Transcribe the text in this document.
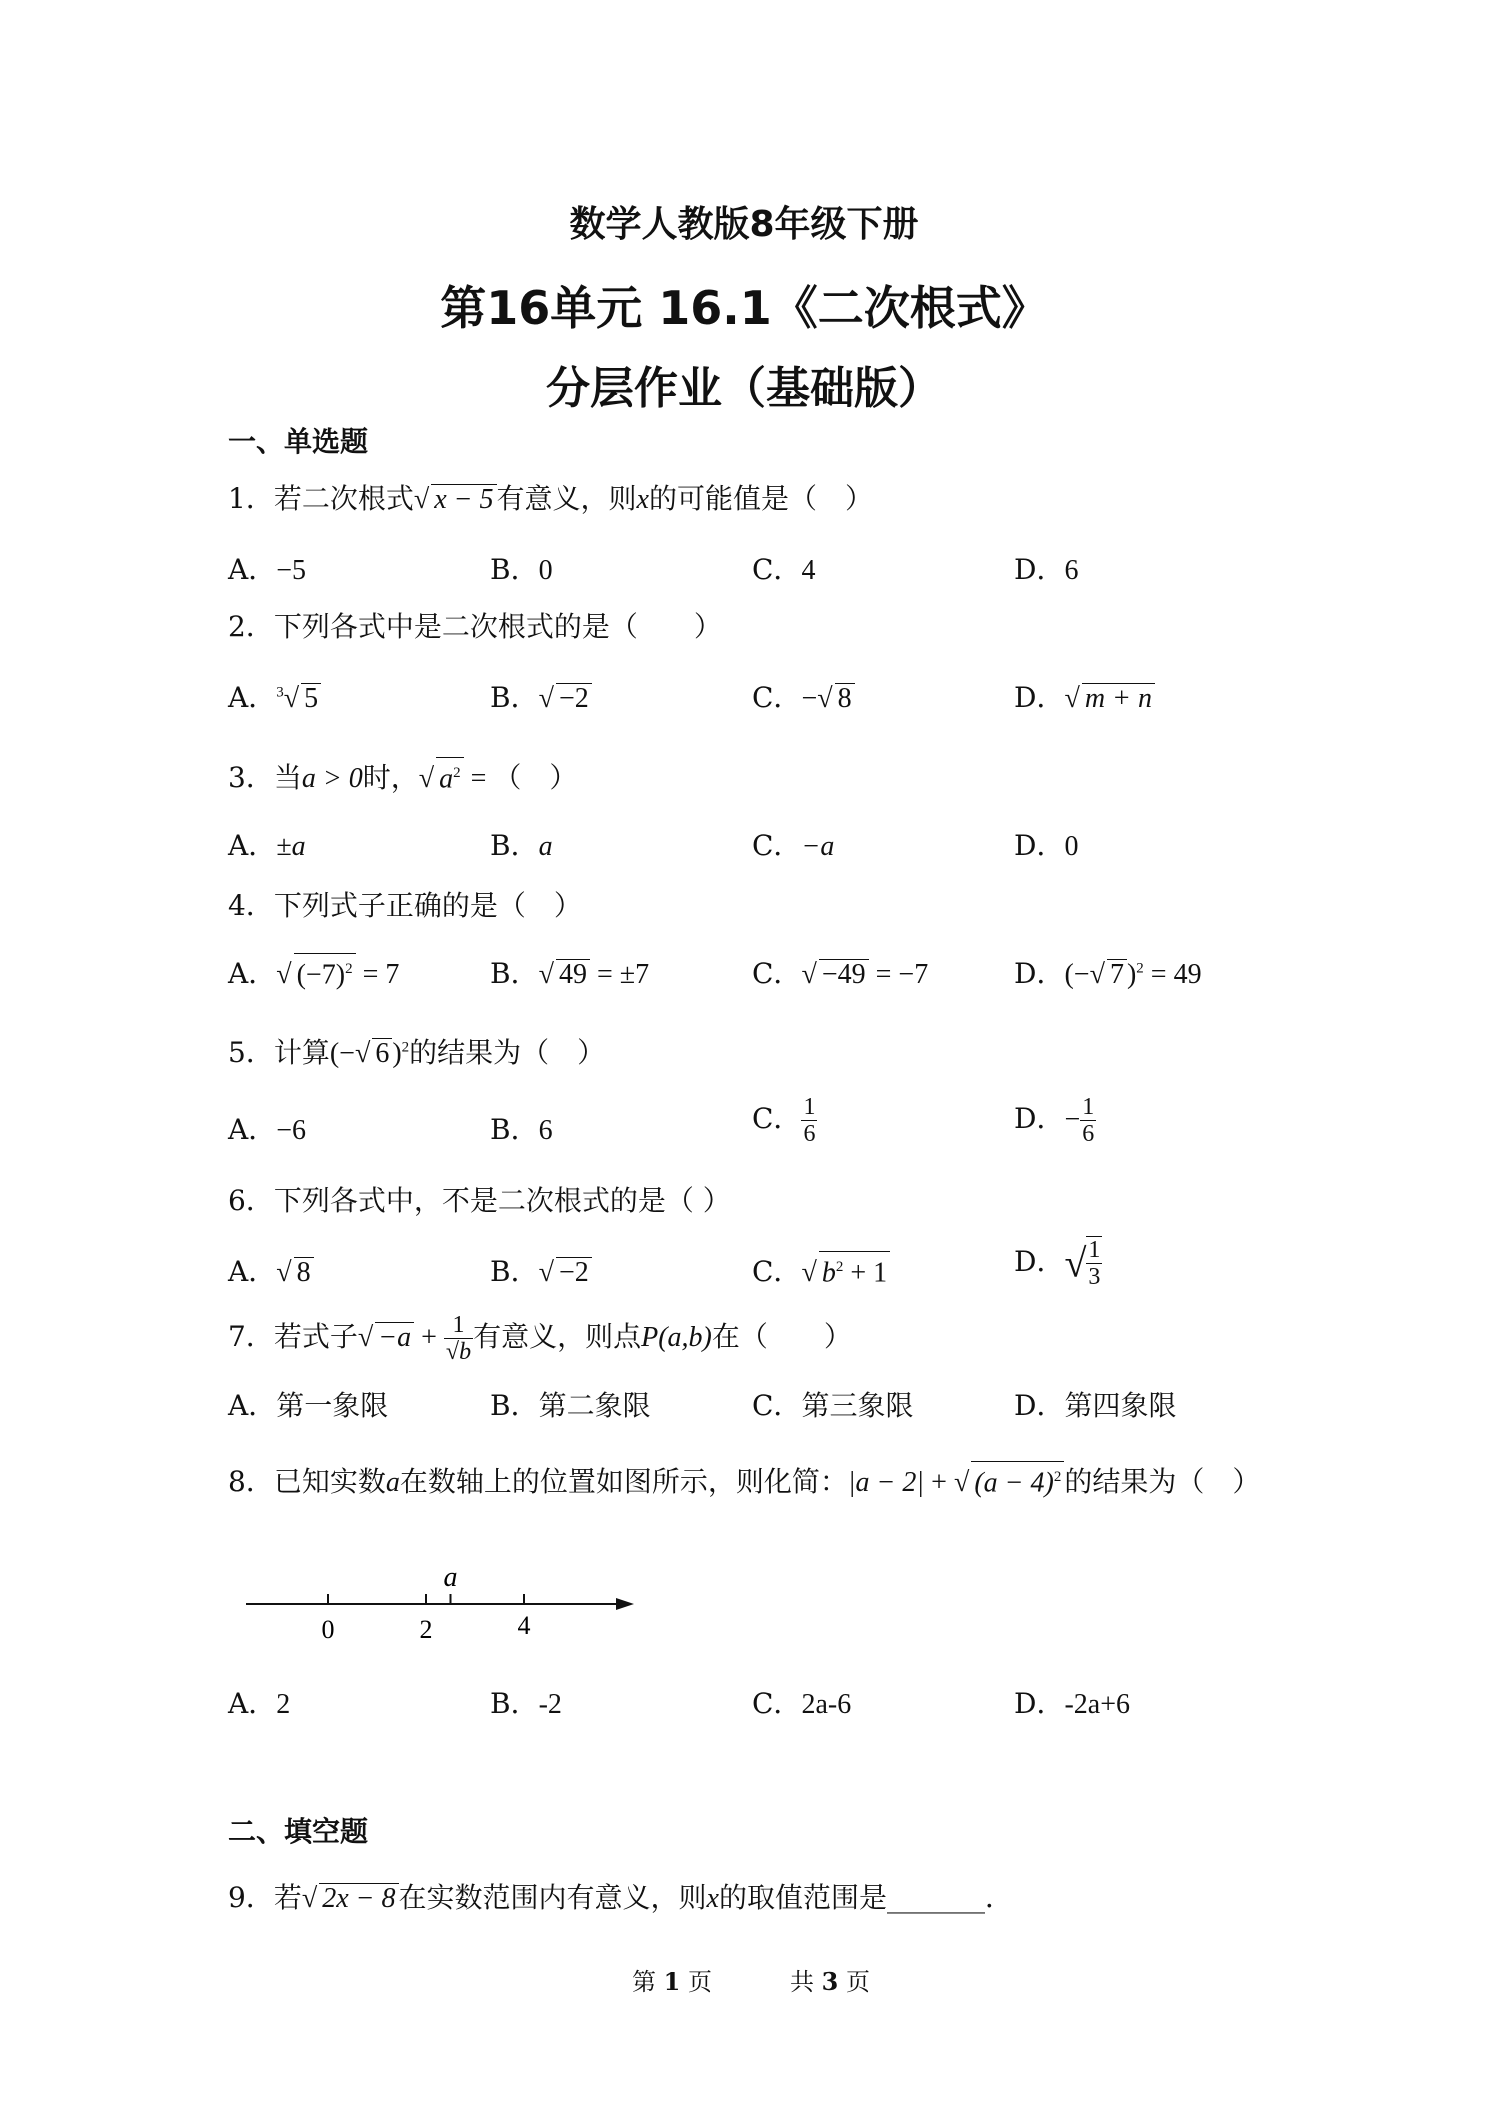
数学人教版8年级下册
第16单元 16.1《二次根式》
分层作业（基础版）
一、单选题
1．若二次根式√ x − 5 有意义，则x的可能值是（　）
A．−5	B．0	C．4	D．6
2．下列各式中是二次根式的是（　　）
A．$^3$√ 5	B．√ −2	C．−√ 8	D．√ m + n
3．当a > 0时，√ $a^2$ = （　）
A．±a	B．a	C．−a	D．0
4．下列式子正确的是（　）
A．√ $(-7)^2 = 7$	B．√ 49 = ±7	C．√ −49 = −7	D．(−√ 7 )$^2$ = 49
5．计算(−√ 6 )$^2$的结果为（　）
A．−6	B．6	C． $\frac{1}{6}$	D．− $\frac{1}{6}$
6．下列各式中，不是二次根式的是（ ）
A．√ 8	B．√ −2	C．√ $b^2 + 1$	D．√ $\frac{1}{3}$
7．若式子√ $-a + \frac{1}{√b}$ 有意义，则点P(a,b)在（　　）
A．第一象限	B．第二象限	C．第三象限	D．第四象限
8．已知实数a在数轴上的位置如图所示，则化简：|a − 2| + √ $(a - 4)^2$ 的结果为（　）
a
0	2	4
A．2	B．-2	C．2a-6	D．-2a+6
二、填空题
9．若√ 2x − 8 在实数范围内有意义，则x的取值范围是_______．
第 1 页	共 3 页
